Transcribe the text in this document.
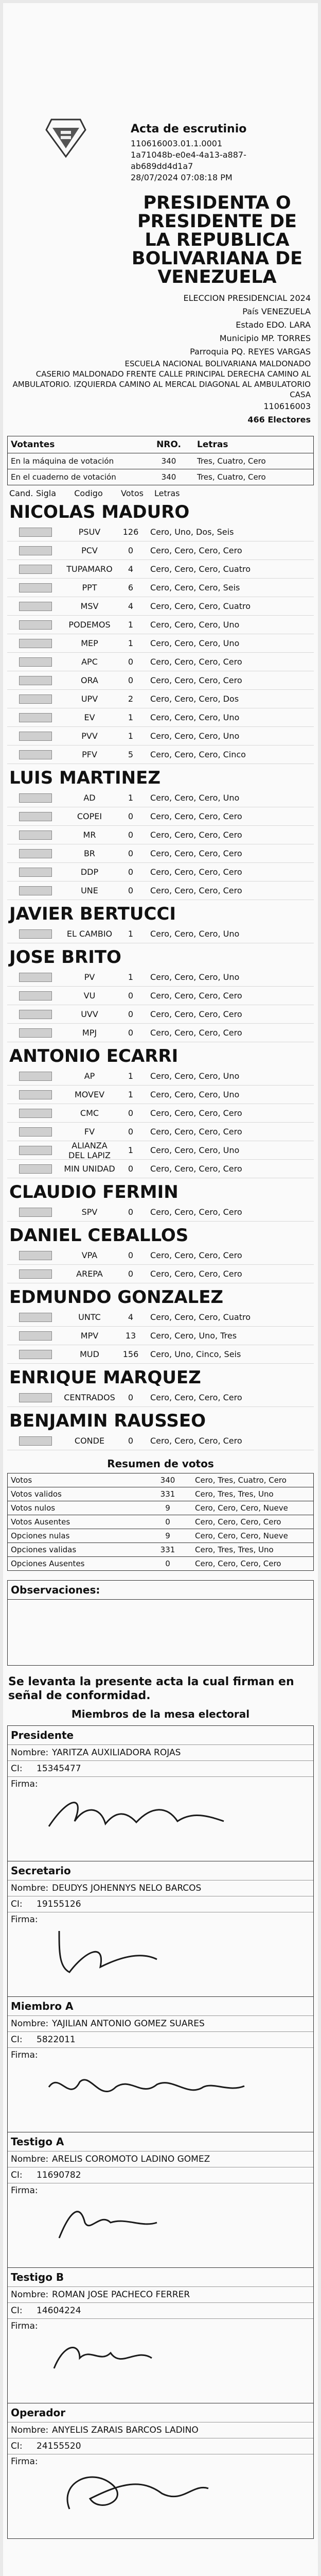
Acta de escrutinio
110616003.01.1.0001
1a71048b-e0e4-4a13-a887-
ab689dd4d1a7
28/07/2024 07:08:18 PM
PRESIDENTA O PRESIDENTE DE LA REPUBLICA BOLIVARIANA DE VENEZUELA
ELECCION PRESIDENCIAL 2024
País VENEZUELA
Estado EDO. LARA
Municipio MP. TORRES
Parroquia PQ. REYES VARGAS
ESCUELA NACIONAL BOLIVARIANA MALDONADO
CASERIO MALDONADO FRENTE CALLE PRINCIPAL DERECHA CAMINO AL AMBULATORIO. IZQUIERDA CAMINO AL MERCAL DIAGONAL AL AMBULATORIO CASA
110616003
466 Electores
Votantes	NRO.	Letras
En la máquina de votación	340	Tres, Cuatro, Cero
En el cuaderno de votación	340	Tres, Cuatro, Cero
Cand. Sigla	Codigo	Votos	Letras
NICOLAS MADURO
PSUV	126	Cero, Uno, Dos, Seis
PCV	0	Cero, Cero, Cero, Cero
TUPAMARO	4	Cero, Cero, Cero, Cuatro
PPT	6	Cero, Cero, Cero, Seis
MSV	4	Cero, Cero, Cero, Cuatro
PODEMOS	1	Cero, Cero, Cero, Uno
MEP	1	Cero, Cero, Cero, Uno
APC	0	Cero, Cero, Cero, Cero
ORA	0	Cero, Cero, Cero, Cero
UPV	2	Cero, Cero, Cero, Dos
EV	1	Cero, Cero, Cero, Uno
PVV	1	Cero, Cero, Cero, Uno
PFV	5	Cero, Cero, Cero, Cinco
LUIS MARTINEZ
AD	1	Cero, Cero, Cero, Uno
COPEI	0	Cero, Cero, Cero, Cero
MR	0	Cero, Cero, Cero, Cero
BR	0	Cero, Cero, Cero, Cero
DDP	0	Cero, Cero, Cero, Cero
UNE	0	Cero, Cero, Cero, Cero
JAVIER BERTUCCI
EL CAMBIO	1	Cero, Cero, Cero, Uno
JOSE BRITO
PV	1	Cero, Cero, Cero, Uno
VU	0	Cero, Cero, Cero, Cero
UVV	0	Cero, Cero, Cero, Cero
MPJ	0	Cero, Cero, Cero, Cero
ANTONIO ECARRI
AP	1	Cero, Cero, Cero, Uno
MOVEV	1	Cero, Cero, Cero, Uno
CMC	0	Cero, Cero, Cero, Cero
FV	0	Cero, Cero, Cero, Cero
ALIANZA DEL LAPIZ	1	Cero, Cero, Cero, Uno
MIN UNIDAD	0	Cero, Cero, Cero, Cero
CLAUDIO FERMIN
SPV	0	Cero, Cero, Cero, Cero
DANIEL CEBALLOS
VPA	0	Cero, Cero, Cero, Cero
AREPA	0	Cero, Cero, Cero, Cero
EDMUNDO GONZALEZ
UNTC	4	Cero, Cero, Cero, Cuatro
MPV	13	Cero, Cero, Uno, Tres
MUD	156	Cero, Uno, Cinco, Seis
ENRIQUE MARQUEZ
CENTRADOS	0	Cero, Cero, Cero, Cero
BENJAMIN RAUSSEO
CONDE	0	Cero, Cero, Cero, Cero
Resumen de votos
Votos	340	Cero, Tres, Cuatro, Cero
Votos validos	331	Cero, Tres, Tres, Uno
Votos nulos	9	Cero, Cero, Cero, Nueve
Votos Ausentes	0	Cero, Cero, Cero, Cero
Opciones nulas	9	Cero, Cero, Cero, Nueve
Opciones validas	331	Cero, Tres, Tres, Uno
Opciones Ausentes	0	Cero, Cero, Cero, Cero
Observaciones:
Se levanta la presente acta la cual firman en señal de conformidad.
Miembros de la mesa electoral
Presidente
Nombre: YARITZA AUXILIADORA ROJAS
CI: 15345477
Firma:
Secretario
Nombre: DEUDYS JOHENNYS NELO BARCOS
CI: 19155126
Firma:
Miembro A
Nombre: YAJILIAN ANTONIO GOMEZ SUARES
CI: 5822011
Firma:
Testigo A
Nombre: ARELIS COROMOTO LADINO GOMEZ
CI: 11690782
Firma:
Testigo B
Nombre: ROMAN JOSE PACHECO FERRER
CI: 14604224
Firma:
Operador
Nombre: ANYELIS ZARAIS BARCOS LADINO
CI: 24155520
Firma:
